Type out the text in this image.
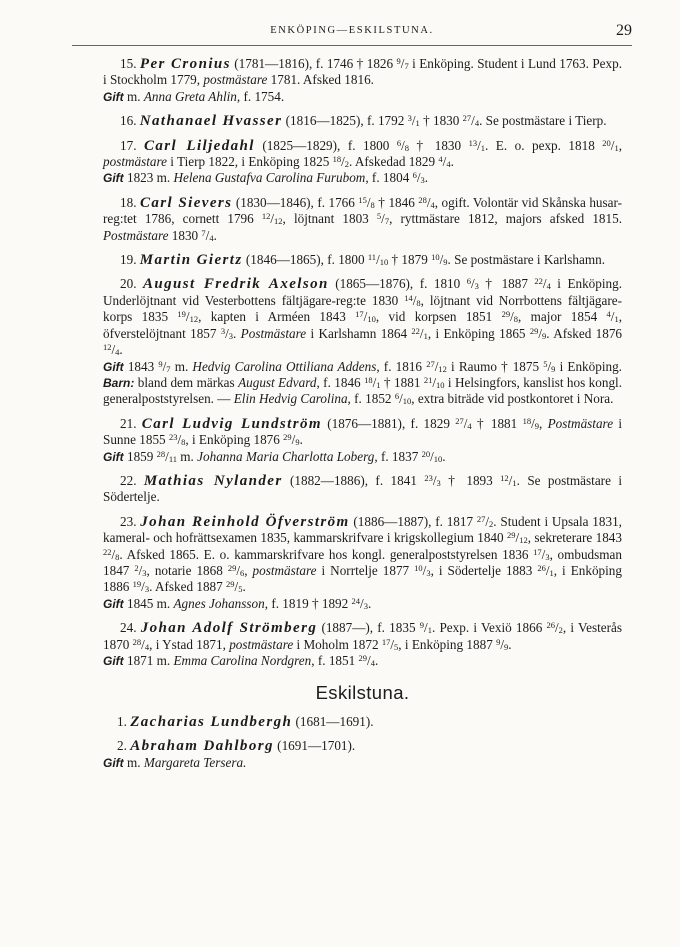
ENKÖPING—ESKILSTUNA.	29

15. Per Cronius (1781—1816), f. 1746 † 1826 $^9/_7$ i Enköping. Student i Lund 1763. Pexp. i Stockholm 1779, postmästare 1781. Afsked 1816.

Gift m. Anna Greta Ahlin, f. 1754.

16. Nathanael Hvasser (1816—1825), f. 1792 $^3/_1$ † 1830 $^{27}/_4$. Se postmästare i Tierp.

17. Carl Liljedahl (1825—1829), f. 1800 $^6/_8$ † 1830 $^{13}/_1$. E. o. pexp. 1818 $^{20}/_1$, postmästare i Tierp 1822, i Enköping 1825 $^{18}/_2$. Afskedad 1829 $^4/_4$.

Gift 1823 m. Helena Gustafva Carolina Furubom, f. 1804 $^6/_3$.

18. Carl Sievers (1830—1846), f. 1766 $^{15}/_8$ † 1846 $^{28}/_4$, ogift. Volontär vid Skånska husar-reg:tet 1786, cornett 1796 $^{12}/_{12}$, löjtnant 1803 $^5/_7$, ryttmästare 1812, majors afsked 1815. Postmästare 1830 $^7/_4$.

19. Martin Giertz (1846—1865), f. 1800 $^{11}/_{10}$ † 1879 $^{10}/_9$. Se postmästare i Karlshamn.

20. August Fredrik Axelson (1865—1876), f. 1810 $^6/_3$ † 1887 $^{22}/_4$ i Enköping. Underlöjtnant vid Vesterbottens fältjägare-reg:te 1830 $^{14}/_8$, löjtnant vid Norrbottens fältjägare-korps 1835 $^{19}/_{12}$, kapten i Arméen 1843 $^{17}/_{10}$, vid korpsen 1851 $^{29}/_8$, major 1854 $^4/_1$, öfverstelöjtnant 1857 $^3/_3$. Postmästare i Karlshamn 1864 $^{22}/_1$, i Enköping 1865 $^{29}/_9$. Afsked 1876 $^{12}/_4$.

Gift 1843 $^9/_7$ m. Hedvig Carolina Ottiliana Addens, f. 1816 $^{27}/_{12}$ i Raumo † 1875 $^5/_9$ i Enköping. Barn: bland dem märkas August Edvard, f. 1846 $^{18}/_1$ † 1881 $^{21}/_{10}$ i Helsingfors, kanslist hos kongl. generalpoststyrelsen. — Elin Hedvig Carolina, f. 1852 $^6/_{10}$, extra biträde vid postkontoret i Nora.

21. Carl Ludvig Lundström (1876—1881), f. 1829 $^{27}/_4$ † 1881 $^{18}/_9$, Postmästare i Sunne 1855 $^{23}/_8$, i Enköping 1876 $^{29}/_9$.

Gift 1859 $^{28}/_{11}$ m. Johanna Maria Charlotta Loberg, f. 1837 $^{20}/_{10}$.

22. Mathias Nylander (1882—1886), f. 1841 $^{23}/_3$ † 1893 $^{12}/_1$. Se postmästare i Södertelje.

23. Johan Reinhold Öfverström (1886—1887), f. 1817 $^{27}/_2$. Student i Upsala 1831, kameral- och hofrättsexamen 1835, kammarskrifvare i krigskollegium 1840 $^{29}/_{12}$, sekreterare 1843 $^{22}/_8$. Afsked 1865. E. o. kammarskrifvare hos kongl. generalpoststyrelsen 1836 $^{17}/_3$, ombudsman 1847 $^2/_3$, notarie 1868 $^{29}/_6$, postmästare i Norrtelje 1877 $^{10}/_3$, i Södertelje 1883 $^{26}/_1$, i Enköping 1886 $^{19}/_3$. Afsked 1887 $^{29}/_5$.

Gift 1845 m. Agnes Johansson, f. 1819 † 1892 $^{24}/_3$.

24. Johan Adolf Strömberg (1887—), f. 1835 $^9/_1$. Pexp. i Vexiö 1866 $^{26}/_2$, i Vesterås 1870 $^{28}/_4$, i Ystad 1871, postmästare i Moholm 1872 $^{17}/_5$, i Enköping 1887 $^9/_9$.

Gift 1871 m. Emma Carolina Nordgren, f. 1851 $^{29}/_4$.

Eskilstuna.

1. Zacharias Lundbergh (1681—1691).

2. Abraham Dahlborg (1691—1701).

Gift m. Margareta Tersera.
